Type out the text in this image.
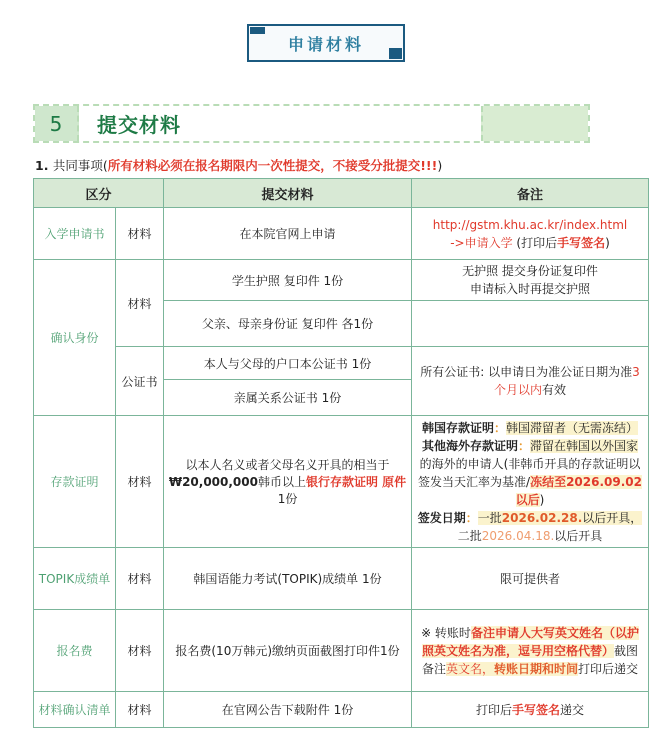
申请材料
5	提交材料
1. 共同事项(所有材料必须在报名期限内一次性提交，不接受分批提交!!!)
区分		提交材料	备注
入学申请书	材料	在本院官网上申请	http://gstm.khu.ac.kr/index.html
->申请入学 (打印后手写签名)
确认身份	材料	学生护照 复印件 1份	无护照 提交身份证复印件
申请标入时再提交护照
		父亲、母亲身份证 复印件 各1份	
	公证书	本人与父母的户口本公证书 1份	所有公证书: 以申请日为准公证日期为准3个月以内有效
		亲属关系公证书 1份	
存款证明	材料	以本人名义或者父母名义开具的相当于
₩20,000,000韩币以上银行存款证明 原件 1份	韩国存款证明：韩国滞留者（无需冻结）
其他海外存款证明：滞留在韩国以外国家的海外的申请人(非韩币开具的存款证明以签发当天汇率为基准/冻结至2026.09.02以后)
签发日期：一批2026.02.28.以后开具，二批2026.04.18.以后开具
TOPIK成绩单	材料	韩国语能力考试(TOPIK)成绩单 1份	限可提供者
报名费	材料	报名费(10万韩元)缴纳页面截图打印件1份	※ 转账时备注申请人大写英文姓名（以护照英文姓名为准，逗号用空格代替）截图备注英文名，转账日期和时间打印后递交
材料确认清单	材料	在官网公告下载附件 1份	打印后手写签名递交
